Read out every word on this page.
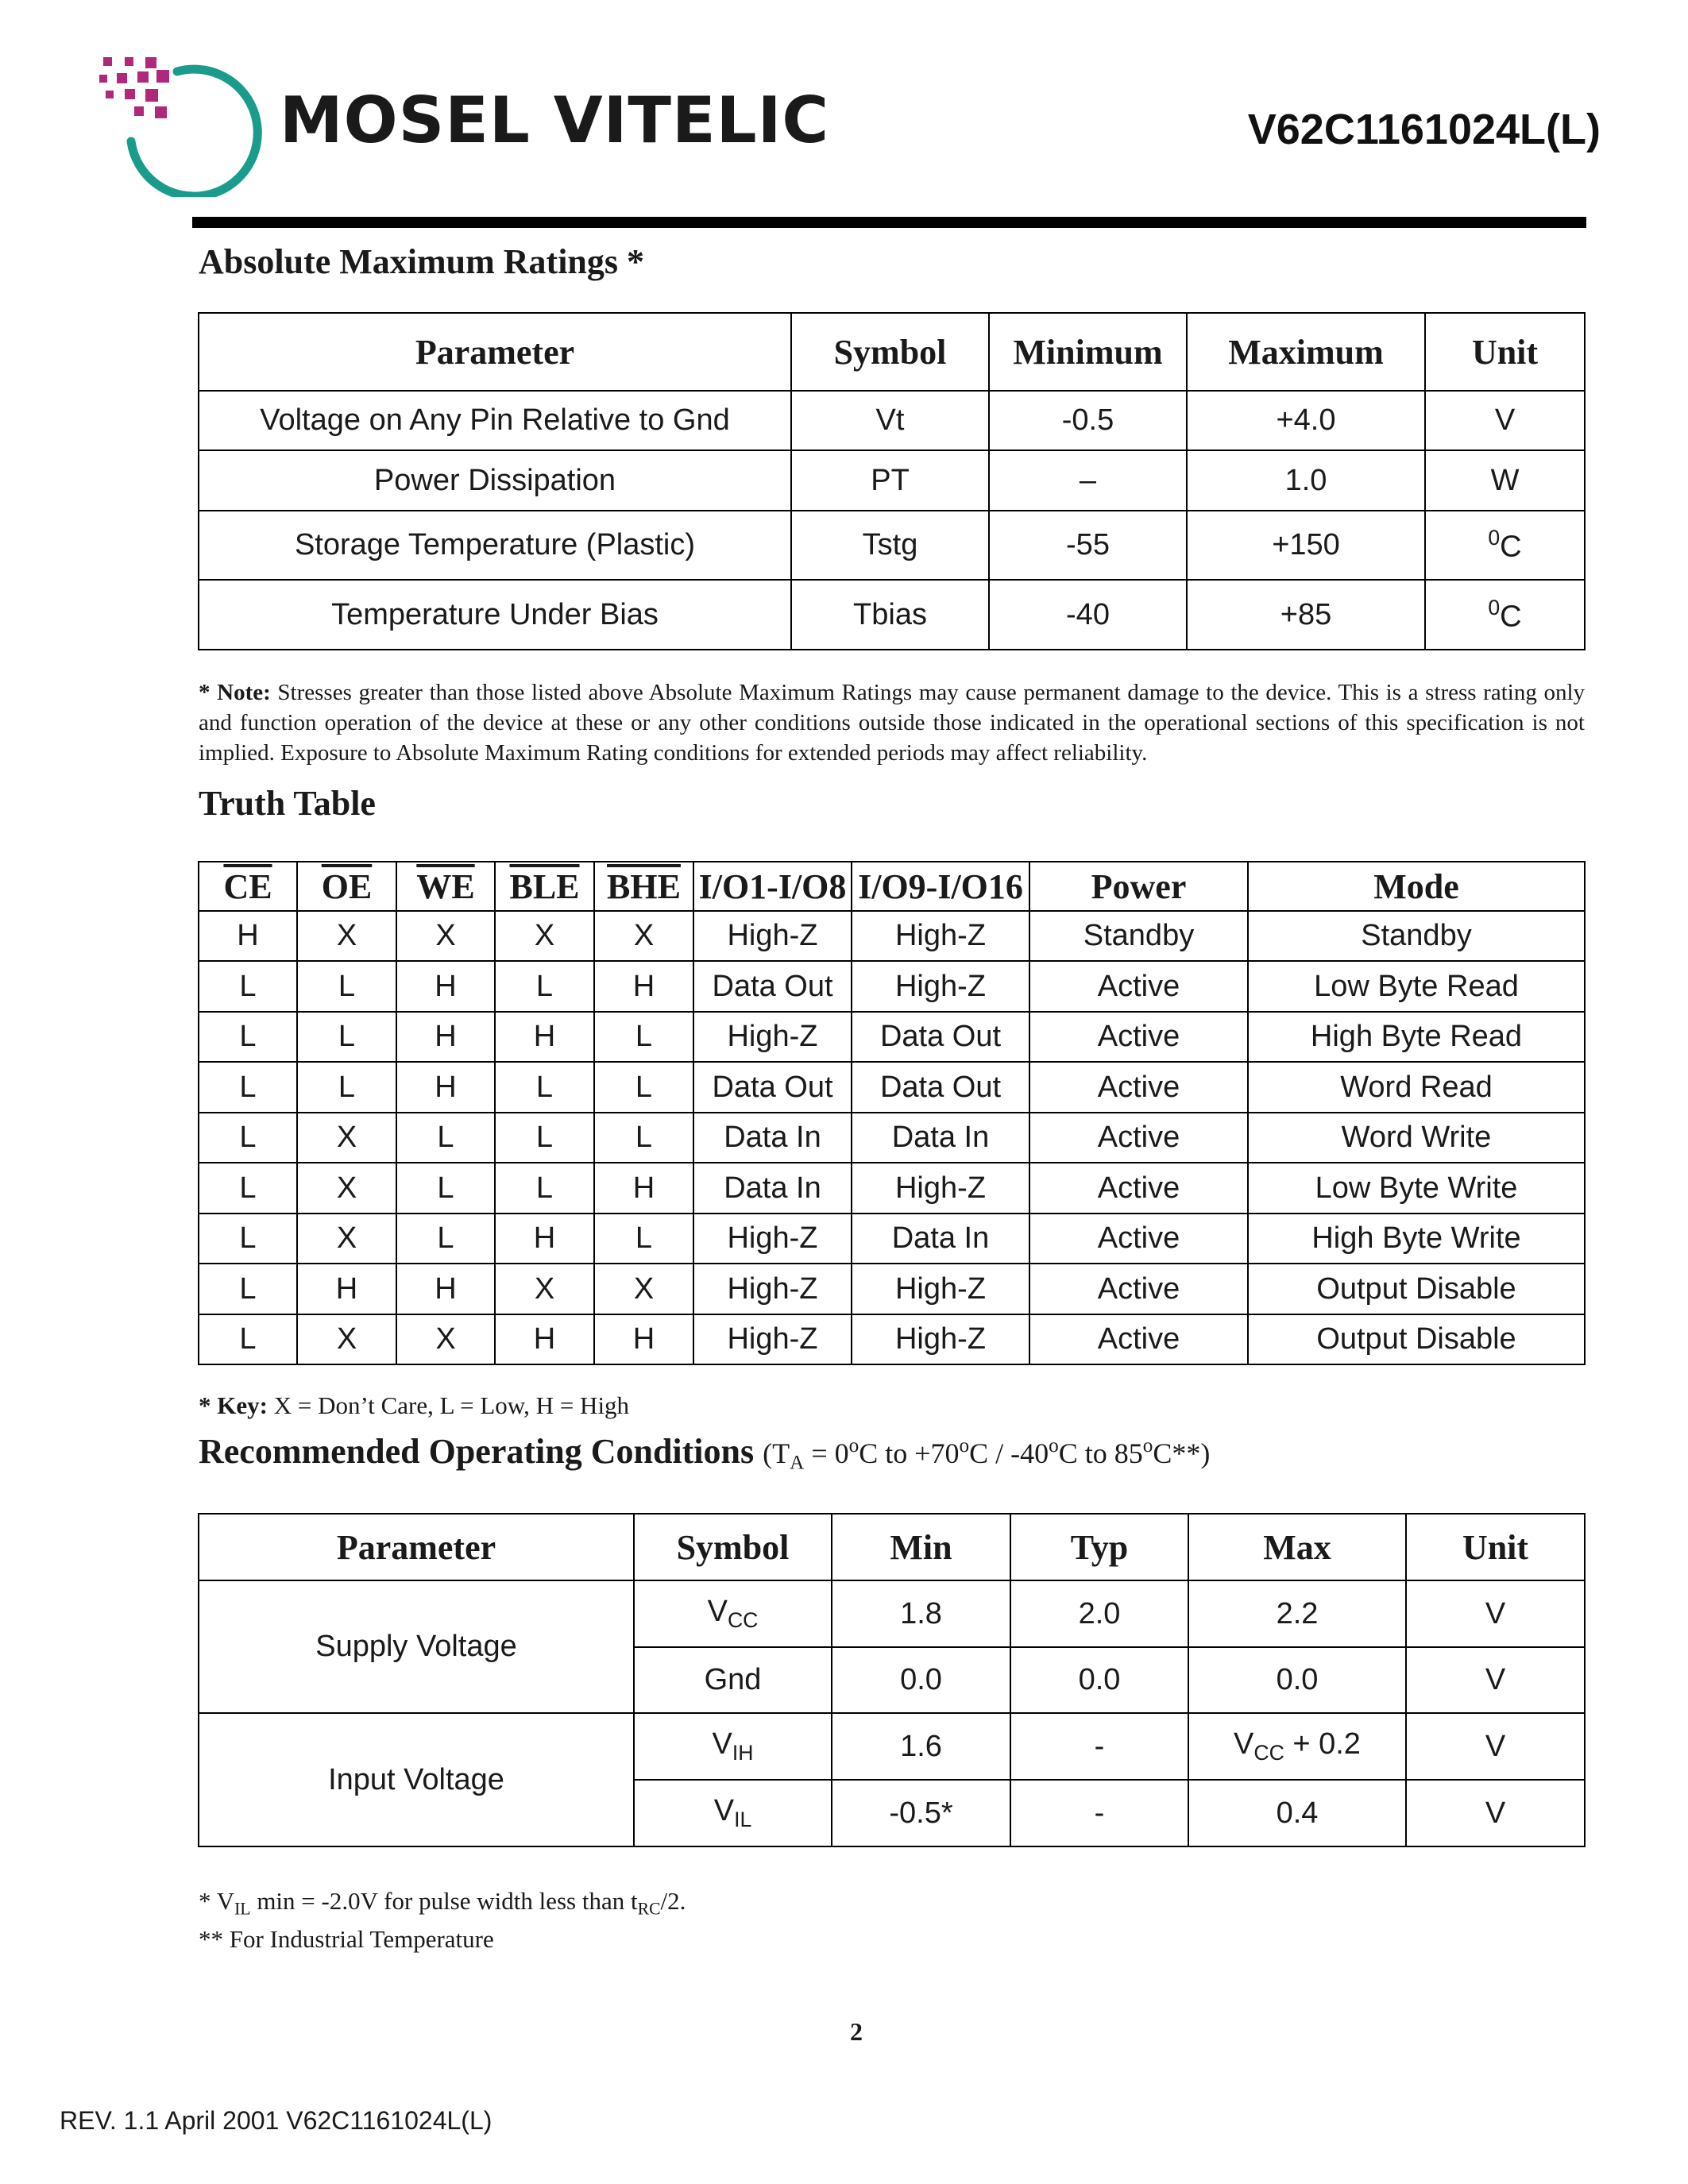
MOSEL VITELIC	V62C1161024L(L)
Absolute Maximum Ratings *
Parameter	Symbol	Minimum	Maximum	Unit
Voltage on Any Pin Relative to Gnd	Vt	-0.5	+4.0	V
Power Dissipation	PT	–	1.0	W
Storage Temperature (Plastic)	Tstg	-55	+150	$^0$C
Temperature Under Bias	Tbias	-40	+85	$^0$C
* Note: Stresses greater than those listed above Absolute Maximum Ratings may cause permanent damage to the device. This is a stress rating only and function operation of the device at these or any other conditions outside those indicated in the operational sections of this specification is not implied. Exposure to Absolute Maximum Rating conditions for extended periods may affect reliability.
Truth Table
$\overline{CE}$	$\overline{OE}$	$\overline{WE}$	$\overline{BLE}$	$\overline{BHE}$	I/O1-I/O8	I/O9-I/O16	Power	Mode
H	X	X	X	X	High-Z	High-Z	Standby	Standby
L	L	H	L	H	Data Out	High-Z	Active	Low Byte Read
L	L	H	H	L	High-Z	Data Out	Active	High Byte Read
L	L	H	L	L	Data Out	Data Out	Active	Word Read
L	X	L	L	L	Data In	Data In	Active	Word Write
L	X	L	L	H	Data In	High-Z	Active	Low Byte Write
L	X	L	H	L	High-Z	Data In	Active	High Byte Write
L	H	H	X	X	High-Z	High-Z	Active	Output Disable
L	X	X	H	H	High-Z	High-Z	Active	Output Disable
* Key: X = Don’t Care, L = Low, H = High
Recommended Operating Conditions ($T_A = 0^oC$ to $+70^oC / -40^oC$ to 85$^o$C**)
Parameter	Symbol	Min	Typ	Max	Unit
Supply Voltage	$V_{CC}$	1.8	2.0	2.2	V
	Gnd	0.0	0.0	0.0	V
Input Voltage	$V_{IH}$	1.6	-	$V_{CC} + 0.2$	V
	$V_{IL}$	-0.5*	-	0.4	V
* $V_{IL}$ min = -2.0V for pulse width less than $t_{RC}/2$.
** For Industrial Temperature
2
REV. 1.1 April 2001 V62C1161024L(L)
